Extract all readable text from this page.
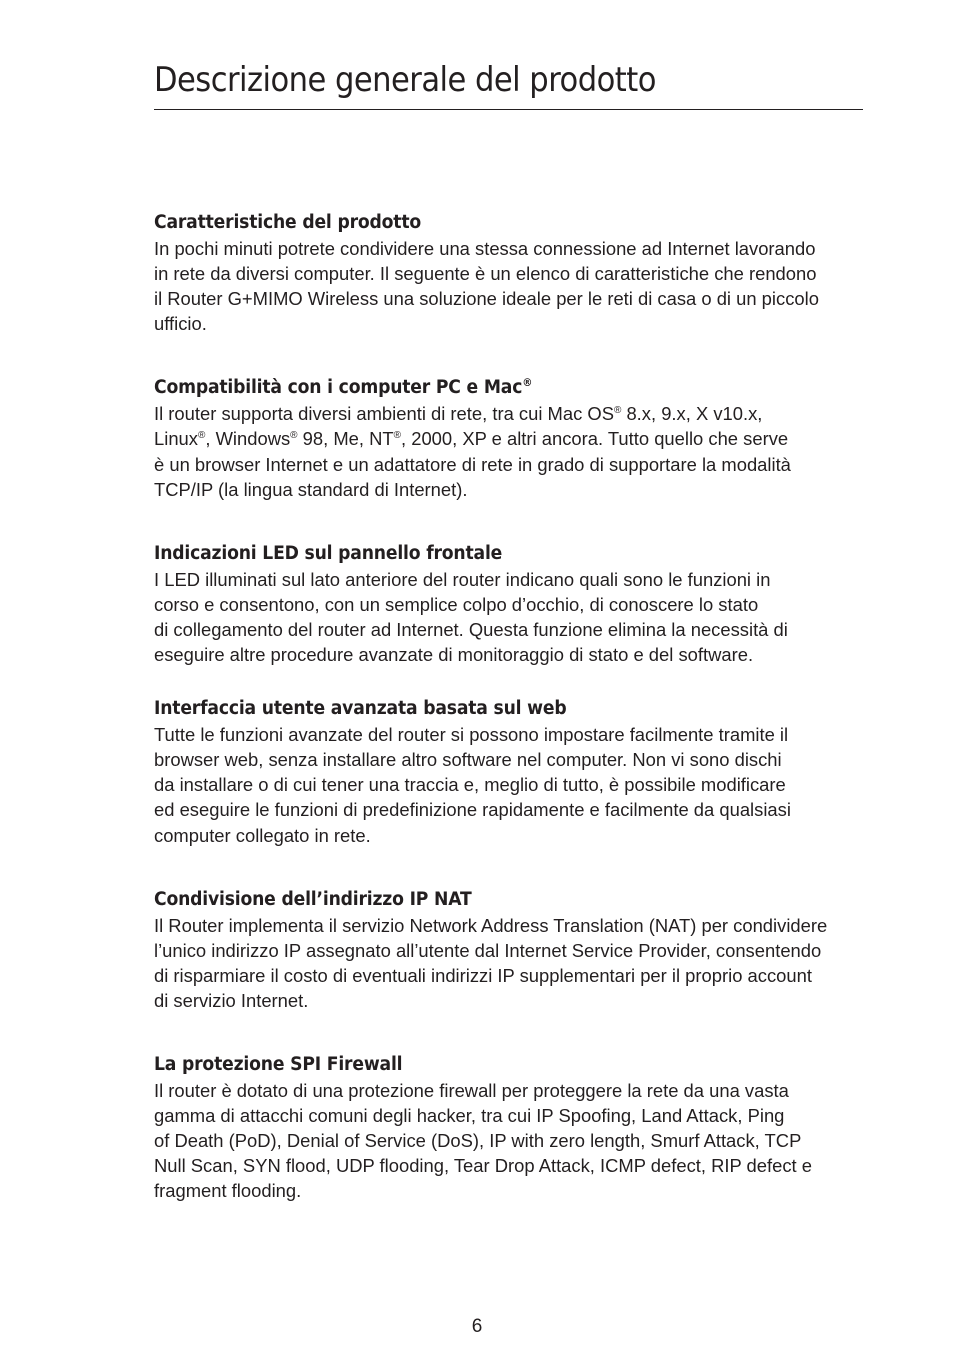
Descrizione generale del prodotto
Caratteristiche del prodotto

In pochi minuti potrete condividere una stessa connessione ad Internet lavorando
in rete da diversi computer. Il seguente è un elenco di caratteristiche che rendono
il Router G+MIMO Wireless una soluzione ideale per le reti di casa o di un piccolo
ufficio.

Compatibilità con i computer PC e Mac®

Il router supporta diversi ambienti di rete, tra cui Mac OS® 8.x, 9.x, X v10.x,
Linux®, Windows® 98, Me, NT®, 2000, XP e altri ancora. Tutto quello che serve
è un browser Internet e un adattatore di rete in grado di supportare la modalità
TCP/IP (la lingua standard di Internet).

Indicazioni LED sul pannello frontale

I LED illuminati sul lato anteriore del router indicano quali sono le funzioni in
corso e consentono, con un semplice colpo d’occhio, di conoscere lo stato
di collegamento del router ad Internet. Questa funzione elimina la necessità di
eseguire altre procedure avanzate di monitoraggio di stato e del software.

Interfaccia utente avanzata basata sul web

Tutte le funzioni avanzate del router si possono impostare facilmente tramite il
browser web, senza installare altro software nel computer. Non vi sono dischi
da installare o di cui tener una traccia e, meglio di tutto, è possibile modificare
ed eseguire le funzioni di predefinizione rapidamente e facilmente da qualsiasi
computer collegato in rete.

Condivisione dell’indirizzo IP NAT

Il Router implementa il servizio Network Address Translation (NAT) per condividere
l’unico indirizzo IP assegnato all’utente dal Internet Service Provider, consentendo
di risparmiare il costo di eventuali indirizzi IP supplementari per il proprio account
di servizio Internet.

La protezione SPI Firewall

Il router è dotato di una protezione firewall per proteggere la rete da una vasta
gamma di attacchi comuni degli hacker, tra cui IP Spoofing, Land Attack, Ping
of Death (PoD), Denial of Service (DoS), IP with zero length, Smurf Attack, TCP
Null Scan, SYN flood, UDP flooding, Tear Drop Attack, ICMP defect, RIP defect e
fragment flooding.

6
